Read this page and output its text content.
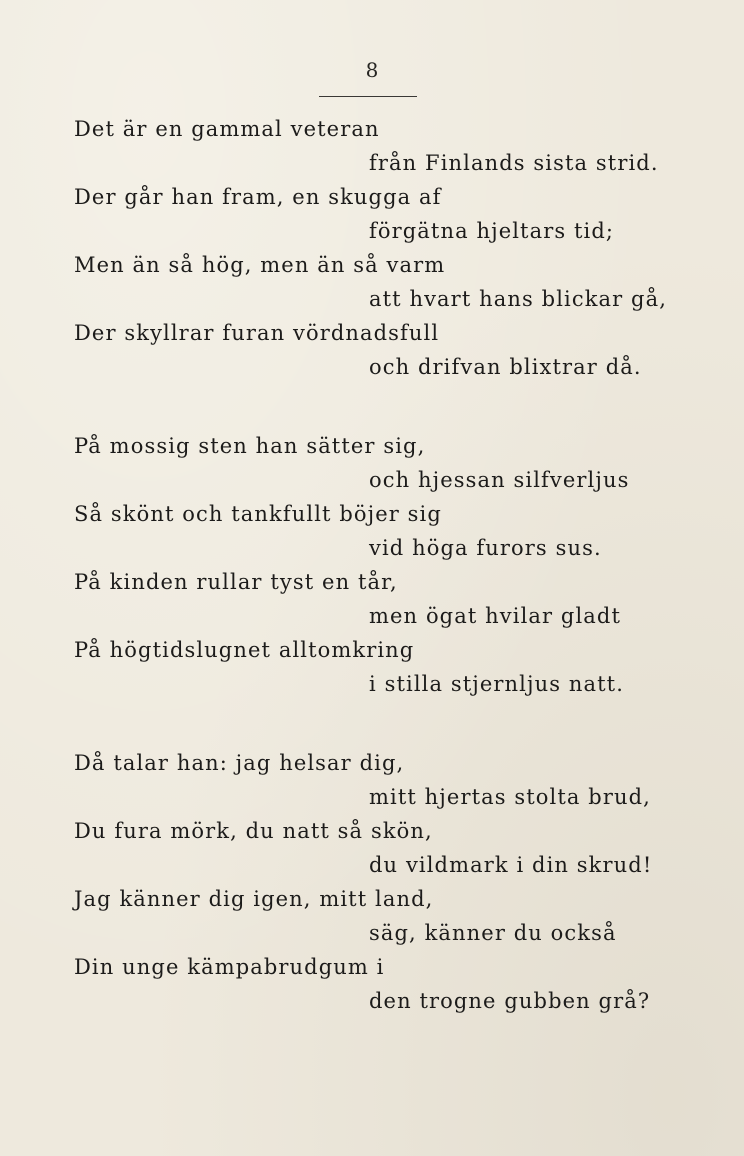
8
Det är en gammal veteran
från Finlands sista strid.
Der går han fram, en skugga af
förgätna hjeltars tid;
Men än så hög, men än så varm
att hvart hans blickar gå,
Der skyllrar furan vördnadsfull
och drifvan blixtrar då.
På mossig sten han sätter sig,
och hjessan silfverljus
Så skönt och tankfullt böjer sig
vid höga furors sus.
På kinden rullar tyst en tår,
men ögat hvilar gladt
På högtidslugnet alltomkring
i stilla stjernljus natt.
Då talar han: jag helsar dig,
mitt hjertas stolta brud,
Du fura mörk, du natt så skön,
du vildmark i din skrud!
Jag känner dig igen, mitt land,
säg, känner du också
Din unge kämpabrudgum i
den trogne gubben grå?
